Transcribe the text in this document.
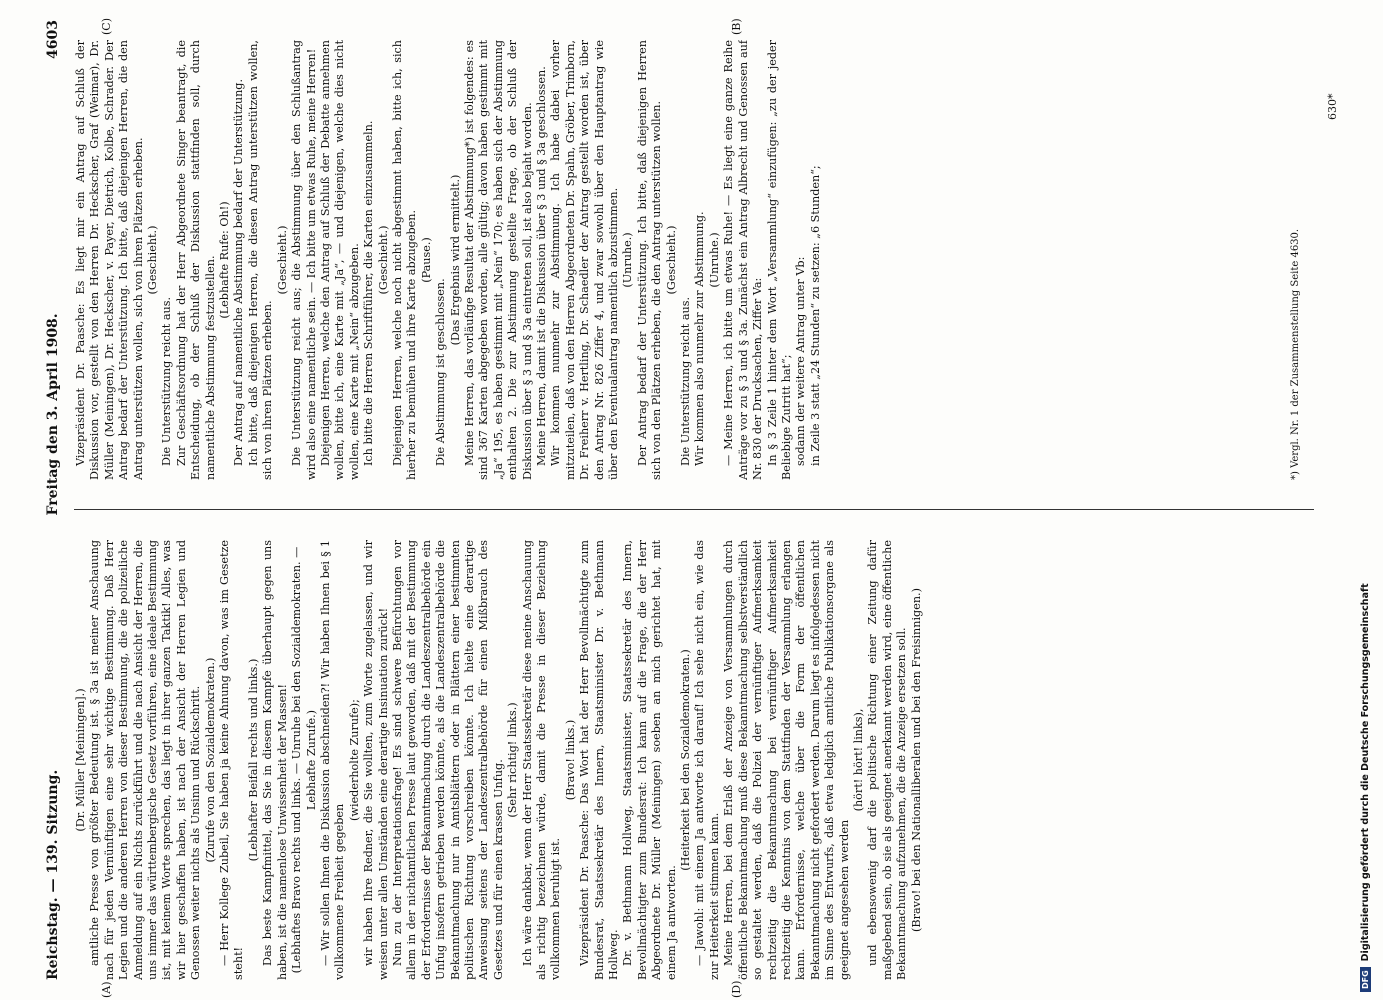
Reichstag. — 139. Sitzung.
Freitag den 3. April 1908.
4603
(A)	(D)
(C)	(B)

(Dr. Müller [Meiningen].) amtliche Presse von größter Bedeutung ist. § 3a ist meiner Anschauung nach für jeden Vernünftigen eine sehr wichtige Bestimmung. Daß Herr Legien und die anderen Herren von dieser Bestimmung, die die polizeiliche Anmeldung auf ein Nichts zurückführt und die nach Ansicht der Herren, die uns immer das württembergische Gesetz vorführen, eine ideale Bestimmung ist, mit keinem Worte sprechen, das liegt in ihrer ganzen Taktik! Alles, was wir hier geschaffen haben, ist nach der Ansicht der Herren Legien und Genossen weiter nichts als Unsinn und Rückschritt. (Zurufe von den Sozialdemokraten.) — Herr Kollege Zubeil, Sie haben ja keine Ahnung davon, was im Gesetze steht!

(Lebhafter Beifall rechts und links.) Das beste Kampfmittel, das Sie in diesem Kampfe überhaupt gegen uns haben, ist die namenlose Unwissenheit der Massen! (Lebhaftes Bravo rechts und links. — Unruhe bei den Sozialdemokraten. — Lebhafte Zurufe.) — Wir sollen Ihnen die Diskussion abschneiden?! Wir haben Ihnen bei § 1 vollkommene Freiheit gegeben

(wiederholte Zurufe); wir haben Ihre Redner, die Sie wollten, zum Worte zugelassen, und wir weisen unter allen Umständen eine derartige Insinuation zurück! Nun zu der Interpretationsfrage! Es sind schwere Befürchtungen vor allem in der nichtamtlichen Presse laut geworden, daß mit der Bestimmung der Erfordernisse der Bekanntmachung durch die Landeszentralbehörde ein Unfug insofern getrieben werden könnte, als die Landeszentralbehörde die Bekanntmachung nur in Amtsblättern oder in Blättern einer bestimmten politischen Richtung vorschreiben könnte. Ich hielte eine derartige Anweisung seitens der Landeszentralbehörde für einen Mißbrauch des Gesetzes und für einen krassen Unfug. (Sehr richtig! links.) Ich wäre dankbar, wenn der Herr Staatssekretär diese meine Anschauung als richtig bezeichnen würde, damit die Presse in dieser Beziehung vollkommen beruhigt ist.

(Bravo! links.) Vizepräsident Dr. Paasche: Das Wort hat der Herr Bevollmächtigte zum Bundesrat, Staatssekretär des Innern, Staatsminister Dr. v. Bethmann Hollweg. Dr. v. Bethmann Hollweg, Staatsminister, Staatssekretär des Innern, Bevollmächtigter zum Bundesrat: Ich kann auf die Frage, die der Herr Abgeordnete Dr. Müller (Meiningen) soeben an mich gerichtet hat, mit einem Ja antworten.

(Heiterkeit bei den Sozialdemokraten.) — Jawohl: mit einem Ja antworte ich darauf! Ich sehe nicht ein, wie das zur Heiterkeit stimmen kann. Meine Herren, bei dem Erlaß der Anzeige von Versammlungen durch öffentliche Bekanntmachung muß diese Bekanntmachung selbstverständlich so gestaltet werden, daß die Polizei der vernünftiger Aufmerksamkeit rechtzeitig die Bekanntmachung bei vernünftiger Aufmerksamkeit rechtzeitig die Kenntnis von dem Stattfinden der Versammlung erlangen kann. Erfordernisse, welche über die Form der öffentlichen Bekanntmachung nicht gefordert werden. Darum liegt es infolgedessen nicht im Sinne des Entwurfs, daß etwa lediglich amtliche Publikationsorgane als geeignet angesehen werden

(hört! hört! links), und ebensowenig darf die politische Richtung einer Zeitung dafür maßgebend sein, ob sie als geeignet anerkannt werden wird, eine öffentliche Bekanntmachung aufzunehmen, die die Anzeige ersetzen soll. (Bravo! bei den Nationalliberalen und bei den Freisinnigen.)

Vizepräsident Dr. Paasche: Es liegt mir ein Antrag auf Schluß der Diskussion vor, gestellt von den Herren Dr. Heckscher, Graf (Weimar), Dr. Müller (Meiningen), Dr. Heckscher, v. Payer, Dietrich, Kolbe, Schrader. Der Antrag bedarf der Unterstützung. Ich bitte, daß diejenigen Herren, die den Antrag unterstützen wollen, sich von ihren Plätzen erheben. (Geschieht.)

Die Unterstützung reicht aus. Zur Geschäftsordnung hat der Herr Abgeordnete Singer beantragt, die Entscheidung, ob der Schluß der Diskussion stattfinden soll, durch namentliche Abstimmung festzustellen. (Lebhafte Rufe: Oh!) Der Antrag auf namentliche Abstimmung bedarf der Unterstützung. Ich bitte, daß diejenigen Herren, die diesen Antrag unterstützen wollen, sich von ihren Plätzen erheben.

(Geschieht.) Die Unterstützung reicht aus; die Abstimmung über den Schlußantrag wird also eine namentliche sein. — Ich bitte um etwas Ruhe, meine Herren! Diejenigen Herren, welche den Antrag auf Schluß der Debatte annehmen wollen, bitte ich, eine Karte mit „Ja“, — und diejenigen, welche dies nicht wollen, eine Karte mit „Nein“ abzugeben. Ich bitte die Herren Schriftführer, die Karten einzusammeln. (Geschieht.) Diejenigen Herren, welche noch nicht abgestimmt haben, bitte ich, sich hierher zu bemühen und ihre Karte abzugeben. (Pause.)

Die Abstimmung ist geschlossen.

(Das Ergebnis wird ermittelt.) Meine Herren, das vorläufige Resultat der Abstimmung*) ist folgendes: es sind 367 Karten abgegeben worden, alle gültig; davon haben gestimmt mit „Ja“ 195, es haben gestimmt mit „Nein“ 170; es haben sich der Abstimmung enthalten 2. Die zur Abstimmung gestellte Frage, ob der Schluß der Diskussion über § 3 und § 3a eintreten soll, ist also bejaht worden. Meine Herren, damit ist die Diskussion über § 3 und § 3a geschlossen. Wir kommen nunmehr zur Abstimmung. Ich habe dabei vorher mitzuteilen, daß von den Herren Abgeordneten Dr. Spahn, Gröber, Trimborn, Dr. Freiherr v. Hertling, Dr. Schaedler der Antrag gestellt worden ist, über den Antrag Nr. 826 Ziffer 4, und zwar sowohl über den Hauptantrag wie über den Eventualantrag namentlich abzustimmen. (Unruhe.) Der Antrag bedarf der Unterstützung. Ich bitte, daß diejenigen Herren sich von den Plätzen erheben, die den Antrag unterstützen wollen. (Geschieht.)

Die Unterstützung reicht aus. Wir kommen also nunmehr zur Abstimmung. (Unruhe.) — Meine Herren, ich bitte um etwas Ruhe! — Es liegt eine ganze Reihe Anträge vor zu § 3 und § 3a. Zunächst ein Antrag Albrecht und Genossen auf Nr. 830 der Drucksachen, Ziffer Va: In § 3 Zeile 1 hinter dem Wort „Versammlung“ einzufügen: „zu der jeder Beliebige Zutritt hat“; sodann der weitere Antrag unter Vb: in Zeile 3 statt „24 Stunden“ zu setzen: „6 Stunden“;	*) Vergl. Nr. 1 der Zusammenstellung Seite 4630.
630*
DFG
Digitalisierung gefördert durch die Deutsche Forschungsgemeinschaft
